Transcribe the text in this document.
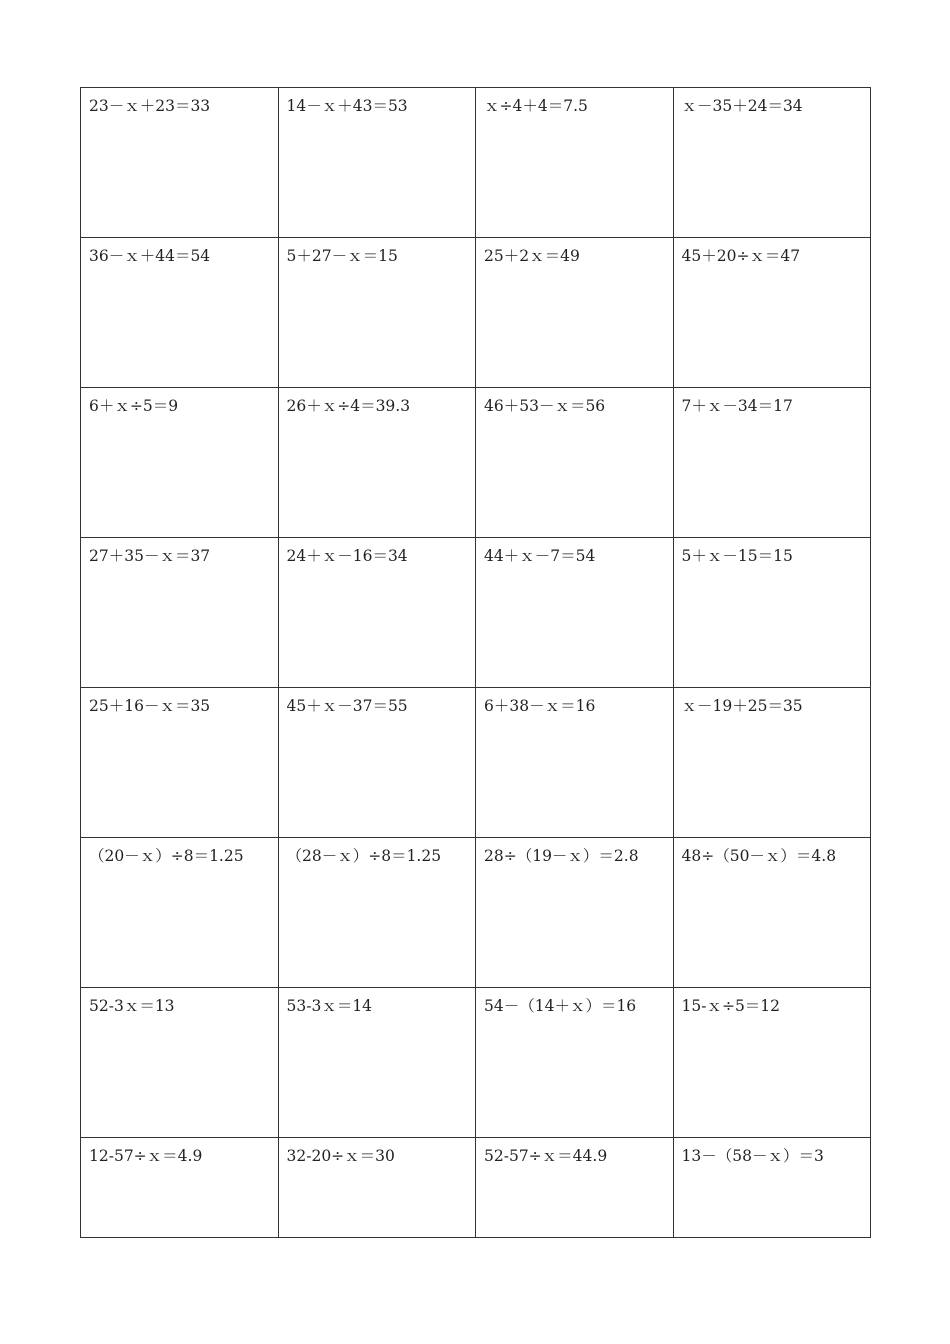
23－ｘ＋23＝33	14－ｘ＋43＝53	ｘ÷4＋4＝7.5	ｘ－35＋24＝34
36－ｘ＋44＝54	5＋27－ｘ＝15	25＋2ｘ＝49	45＋20÷ｘ＝47
6＋ｘ÷5＝9	26＋ｘ÷4＝39.3	46＋53－ｘ＝56	7＋ｘ－34＝17
27＋35－ｘ＝37	24＋ｘ－16＝34	44＋ｘ－7＝54	5＋ｘ－15＝15
25＋16－ｘ＝35	45＋ｘ－37＝55	6＋38－ｘ＝16	ｘ－19＋25＝35
（20－ｘ）÷8＝1.25	（28－ｘ）÷8＝1.25	28÷（19－ｘ）＝2.8	48÷（50－ｘ）＝4.8
52-3ｘ＝13	53-3ｘ＝14	54－（14＋ｘ）＝16	15-ｘ÷5＝12
12-57÷ｘ＝4.9	32-20÷ｘ＝30	52-57÷ｘ＝44.9	13－（58－ｘ）＝3
